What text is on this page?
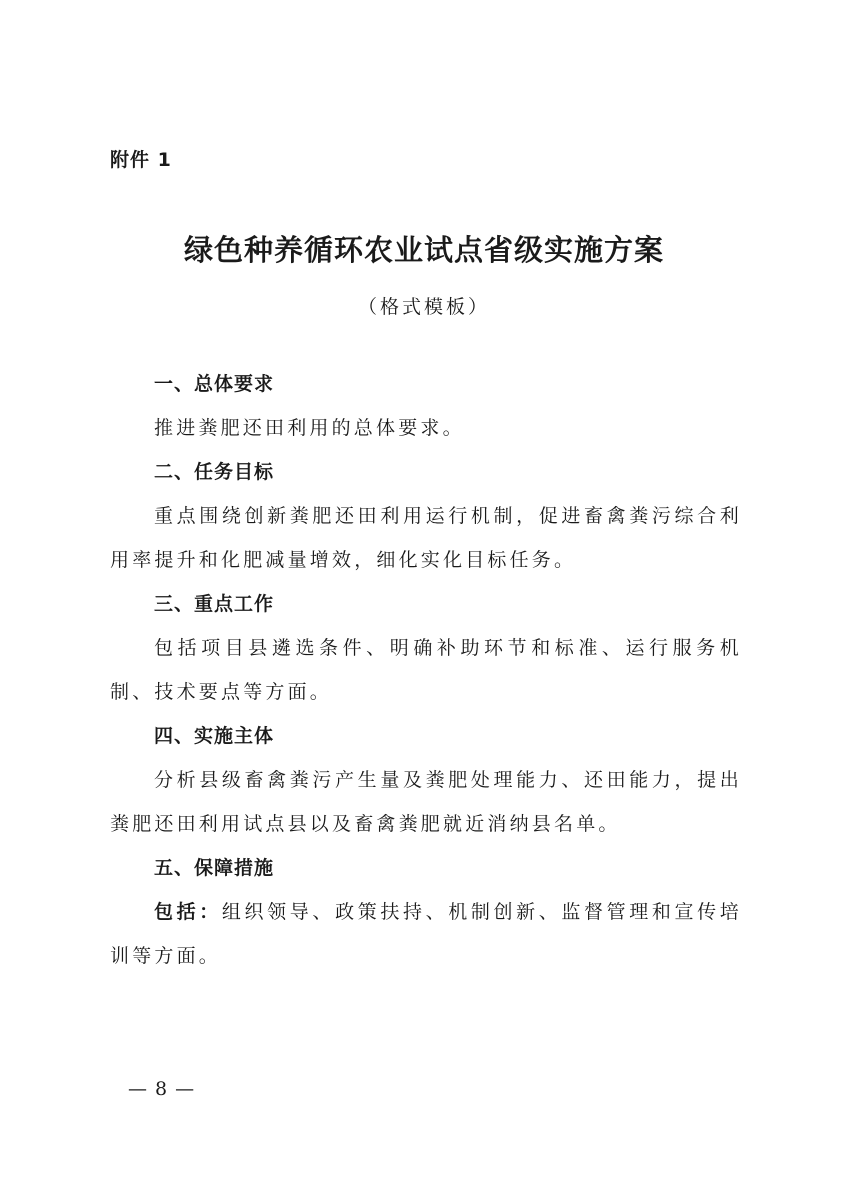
附件 1
绿色种养循环农业试点省级实施方案
（格式模板）
一、总体要求
推进粪肥还田利用的总体要求。
二、任务目标
重点围绕创新粪肥还田利用运行机制，促进畜禽粪污综合利用率提升和化肥减量增效，细化实化目标任务。
三、重点工作
包括项目县遴选条件、明确补助环节和标准、运行服务机制、技术要点等方面。
四、实施主体
分析县级畜禽粪污产生量及粪肥处理能力、还田能力，提出粪肥还田利用试点县以及畜禽粪肥就近消纳县名单。
五、保障措施
包括：组织领导、政策扶持、机制创新、监督管理和宣传培训等方面。
— 8 —
